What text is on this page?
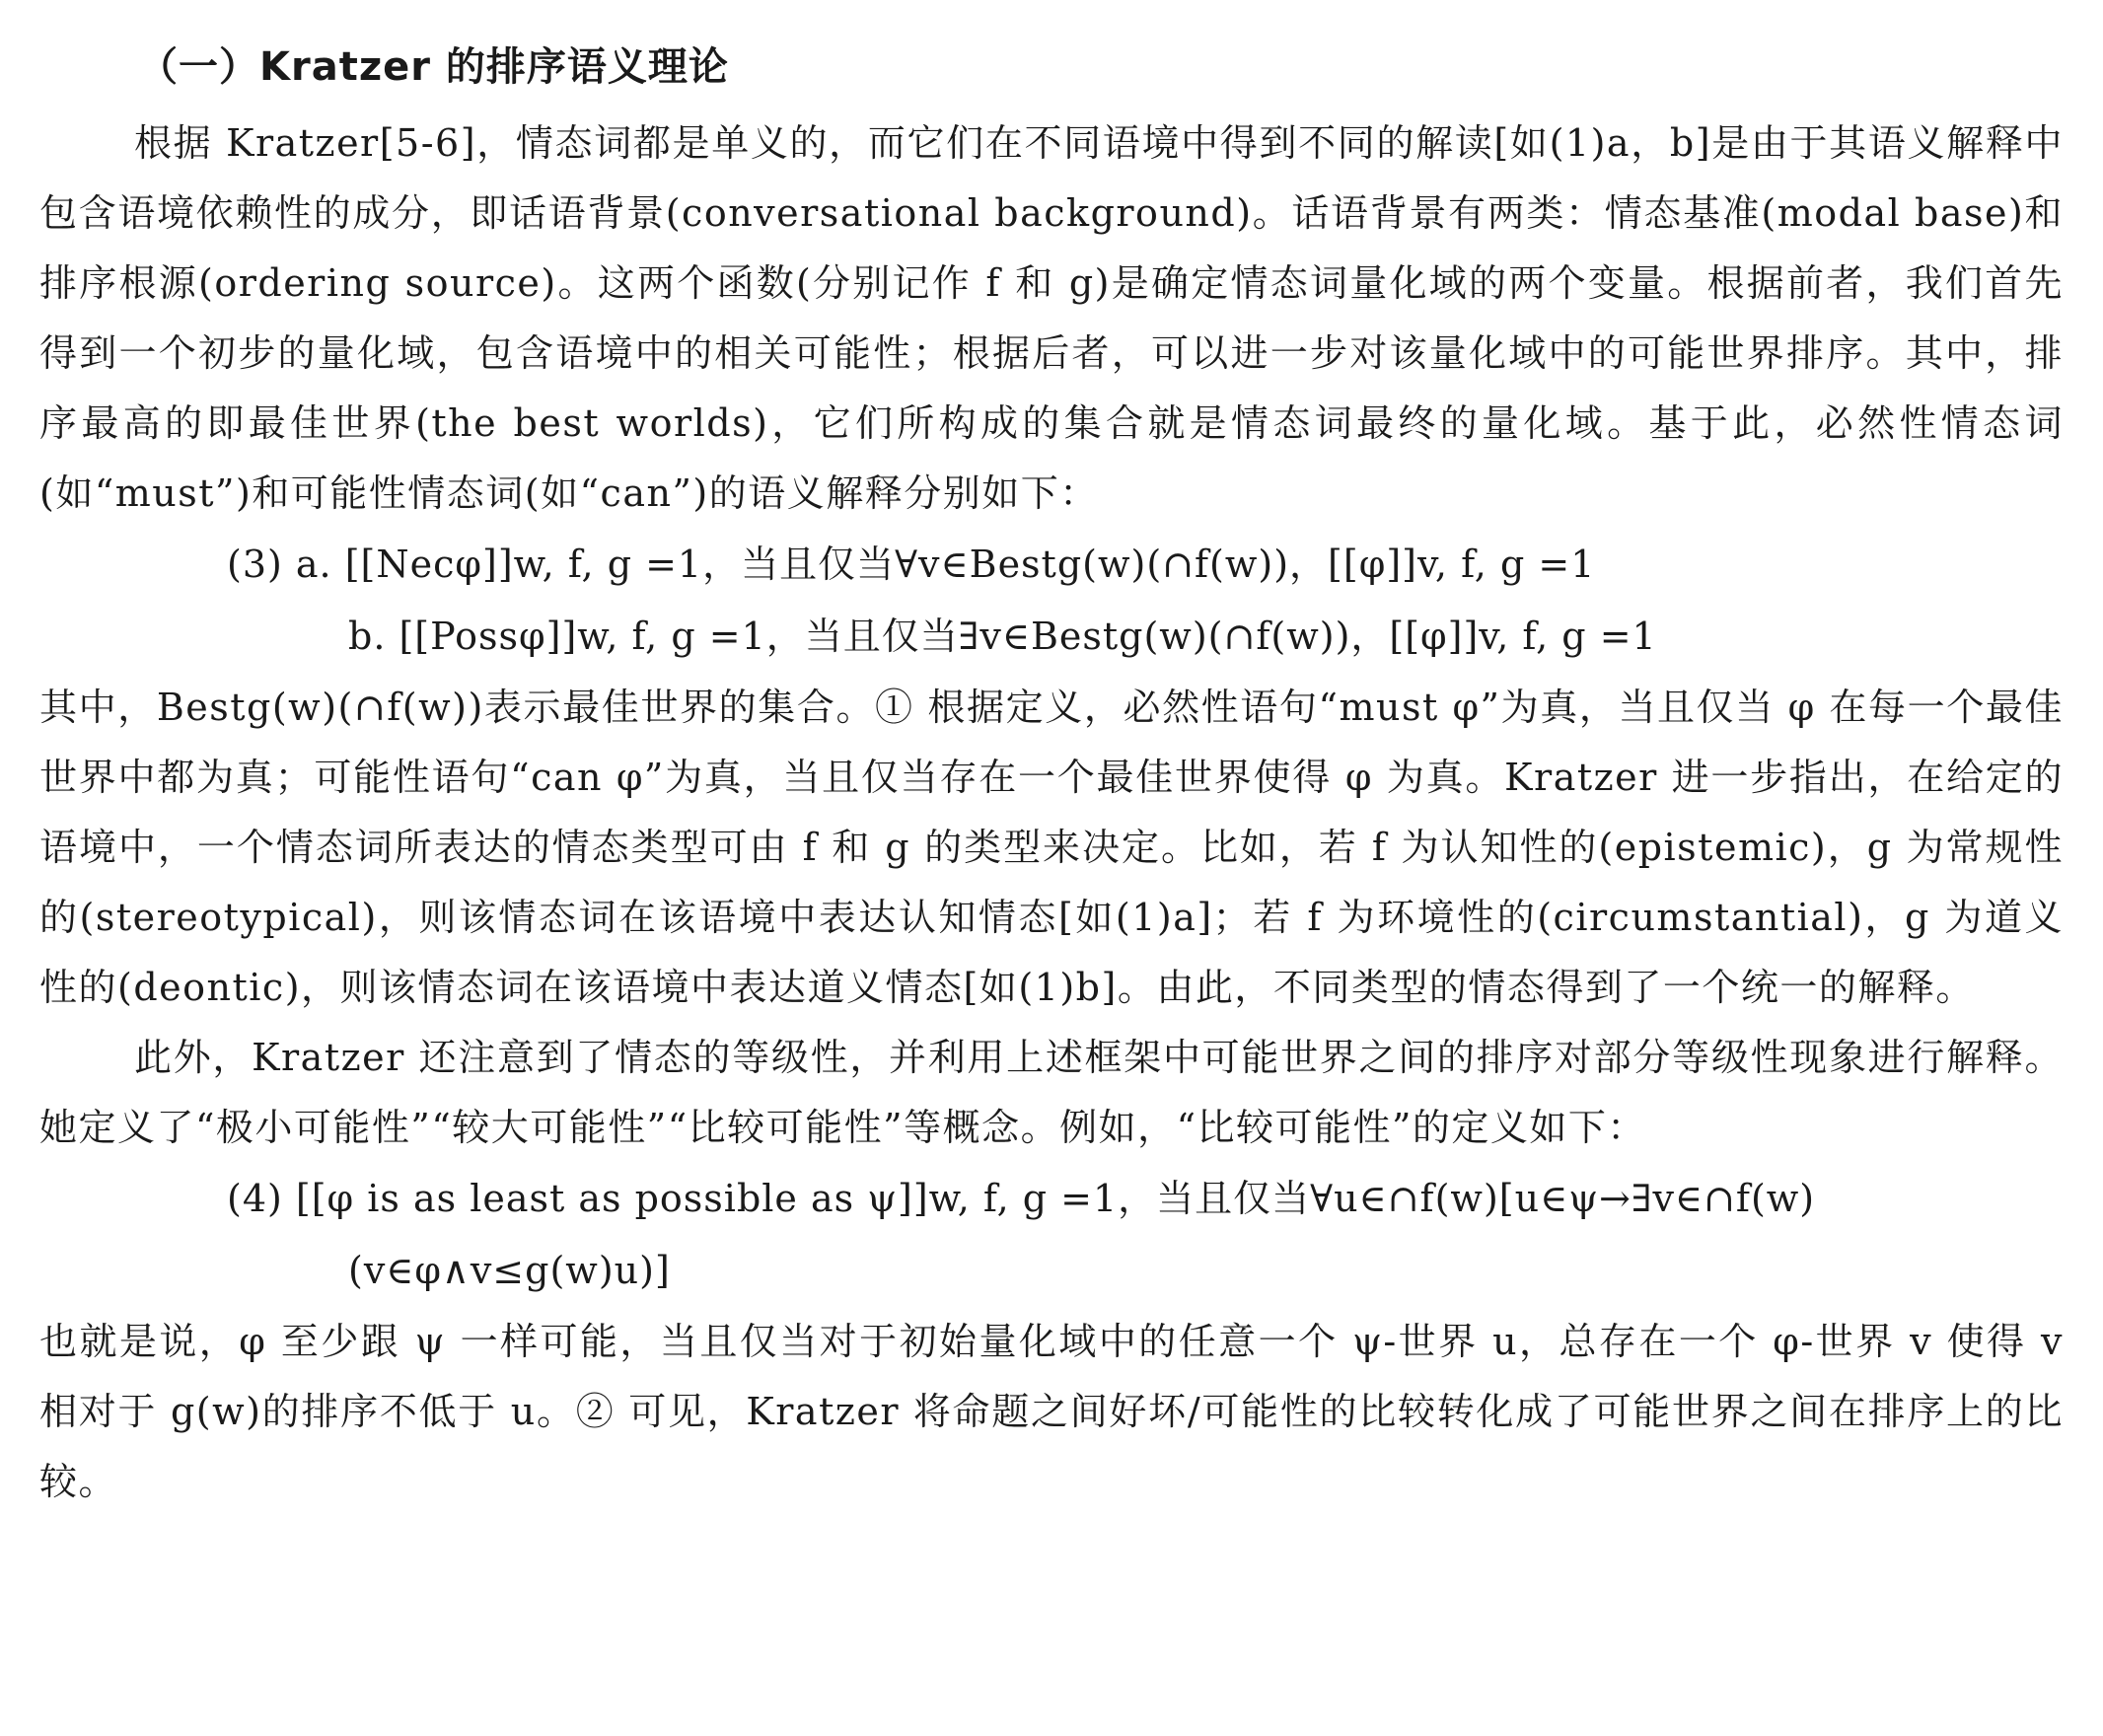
（一）Kratzer 的排序语义理论

根据 Kratzer[5-6]，情态词都是单义的，而它们在不同语境中得到不同的解读[如(1)a，b]是由于其语义解释中包含语境依赖性的成分，即话语背景(conversational background)。话语背景有两类：情态基准(modal base)和排序根源(ordering source)。这两个函数(分别记作 f 和 g)是确定情态词量化域的两个变量。根据前者，我们首先得到一个初步的量化域，包含语境中的相关可能性；根据后者，可以进一步对该量化域中的可能世界排序。其中，排序最高的即最佳世界(the best worlds)，它们所构成的集合就是情态词最终的量化域。基于此，必然性情态词(如“must”)和可能性情态词(如“can”)的语义解释分别如下：

(3) a. [[Necφ]]w, f, g =1，当且仅当∀v∈Bestg(w)(∩f(w))，[[φ]]v, f, g =1
b. [[Possφ]]w, f, g =1，当且仅当∃v∈Bestg(w)(∩f(w))，[[φ]]v, f, g =1

其中，Bestg(w)(∩f(w))表示最佳世界的集合。① 根据定义，必然性语句“must φ”为真，当且仅当 φ 在每一个最佳世界中都为真；可能性语句“can φ”为真，当且仅当存在一个最佳世界使得 φ 为真。Kratzer 进一步指出，在给定的语境中，一个情态词所表达的情态类型可由 f 和 g 的类型来决定。比如，若 f 为认知性的(epistemic)，g 为常规性的(stereotypical)，则该情态词在该语境中表达认知情态[如(1)a]；若 f 为环境性的(circumstantial)，g 为道义性的(deontic)，则该情态词在该语境中表达道义情态[如(1)b]。由此，不同类型的情态得到了一个统一的解释。

此外，Kratzer 还注意到了情态的等级性，并利用上述框架中可能世界之间的排序对部分等级性现象进行解释。她定义了“极小可能性”“较大可能性”“比较可能性”等概念。例如，“比较可能性”的定义如下：

(4) [[φ is as least as possible as ψ]]w, f, g =1，当且仅当∀u∈∩f(w)[u∈ψ→∃v∈∩f(w)
(v∈φ∧v≤g(w)u)]

也就是说，φ 至少跟 ψ 一样可能，当且仅当对于初始量化域中的任意一个 ψ-世界 u，总存在一个 φ-世界 v 使得 v 相对于 g(w)的排序不低于 u。② 可见，Kratzer 将命题之间好坏/可能性的比较转化成了可能世界之间在排序上的比较。
